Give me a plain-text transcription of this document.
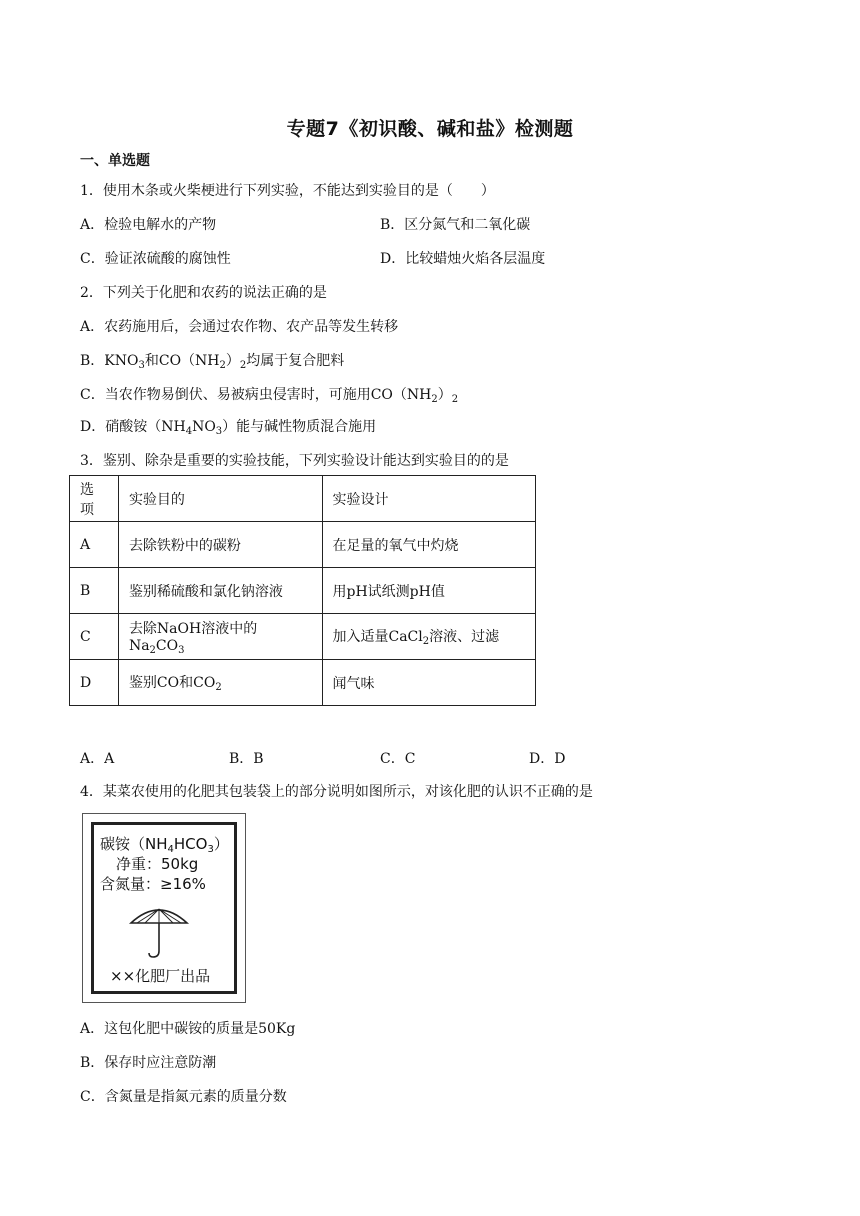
专题7《初识酸、碱和盐》检测题
一、单选题
1．使用木条或火柴梗进行下列实验，不能达到实验目的是（　　）
A．检验电解水的产物	B．区分氮气和二氧化碳
C．验证浓硫酸的腐蚀性	D．比较蜡烛火焰各层温度
2．下列关于化肥和农药的说法正确的是
A．农药施用后，会通过农作物、农产品等发生转移
B．$KNO_3$和$CO(NH_2)_2$均属于复合肥料
C．当农作物易倒伏、易被病虫侵害时，可施用$CO(NH_2)_2$
D．硝酸铵$(NH_4NO_3)$能与碱性物质混合施用
3．鉴别、除杂是重要的实验技能，下列实验设计能达到实验目的的是
选项	实验目的	实验设计
A	去除铁粉中的碳粉	在足量的氧气中灼烧
B	鉴别稀硫酸和氯化钠溶液	用pH试纸测pH值
C	去除NaOH溶液中的$Na_2CO_3$	加入适量CaCl$_2$溶液、过滤
D	鉴别CO和$CO_2$	闻气味
A．A	B．B	C．C	D．D
4．某菜农使用的化肥其包装袋上的部分说明如图所示，对该化肥的认识不正确的是
碳铵$(NH_4HCO_3)$
净重：50kg
含氮量：≥16%
××化肥厂出品
A．这包化肥中碳铵的质量是50Kg
B．保存时应注意防潮
C．含氮量是指氮元素的质量分数
